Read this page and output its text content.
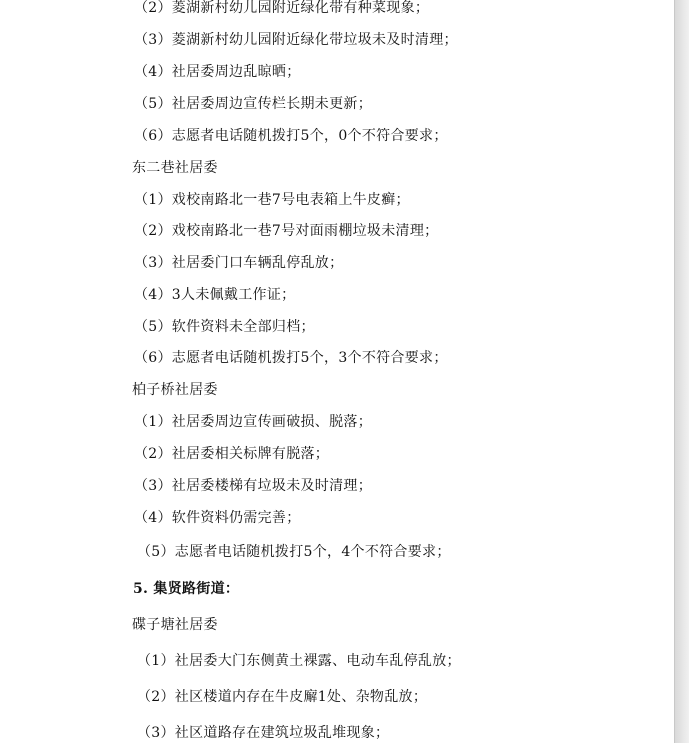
（2）菱湖新村幼儿园附近绿化带有种菜现象；
（3）菱湖新村幼儿园附近绿化带垃圾未及时清理；
（4）社居委周边乱晾晒；
（5）社居委周边宣传栏长期未更新；
（6）志愿者电话随机拨打5个，0个不符合要求；
东二巷社居委
（1）戏校南路北一巷7号电表箱上牛皮癣；
（2）戏校南路北一巷7号对面雨棚垃圾未清理；
（3）社居委门口车辆乱停乱放；
（4）3人未佩戴工作证；
（5）软件资料未全部归档；
（6）志愿者电话随机拨打5个，3个不符合要求；
柏子桥社居委
（1）社居委周边宣传画破损、脱落；
（2）社居委相关标牌有脱落；
（3）社居委楼梯有垃圾未及时清理；
（4）软件资料仍需完善；
（5）志愿者电话随机拨打5个，4个不符合要求；
5. 集贤路街道：
碟子塘社居委
（1）社居委大门东侧黄土裸露、电动车乱停乱放；
（2）社区楼道内存在牛皮廨1处、杂物乱放；
（3）社区道路存在建筑垃圾乱堆现象；
